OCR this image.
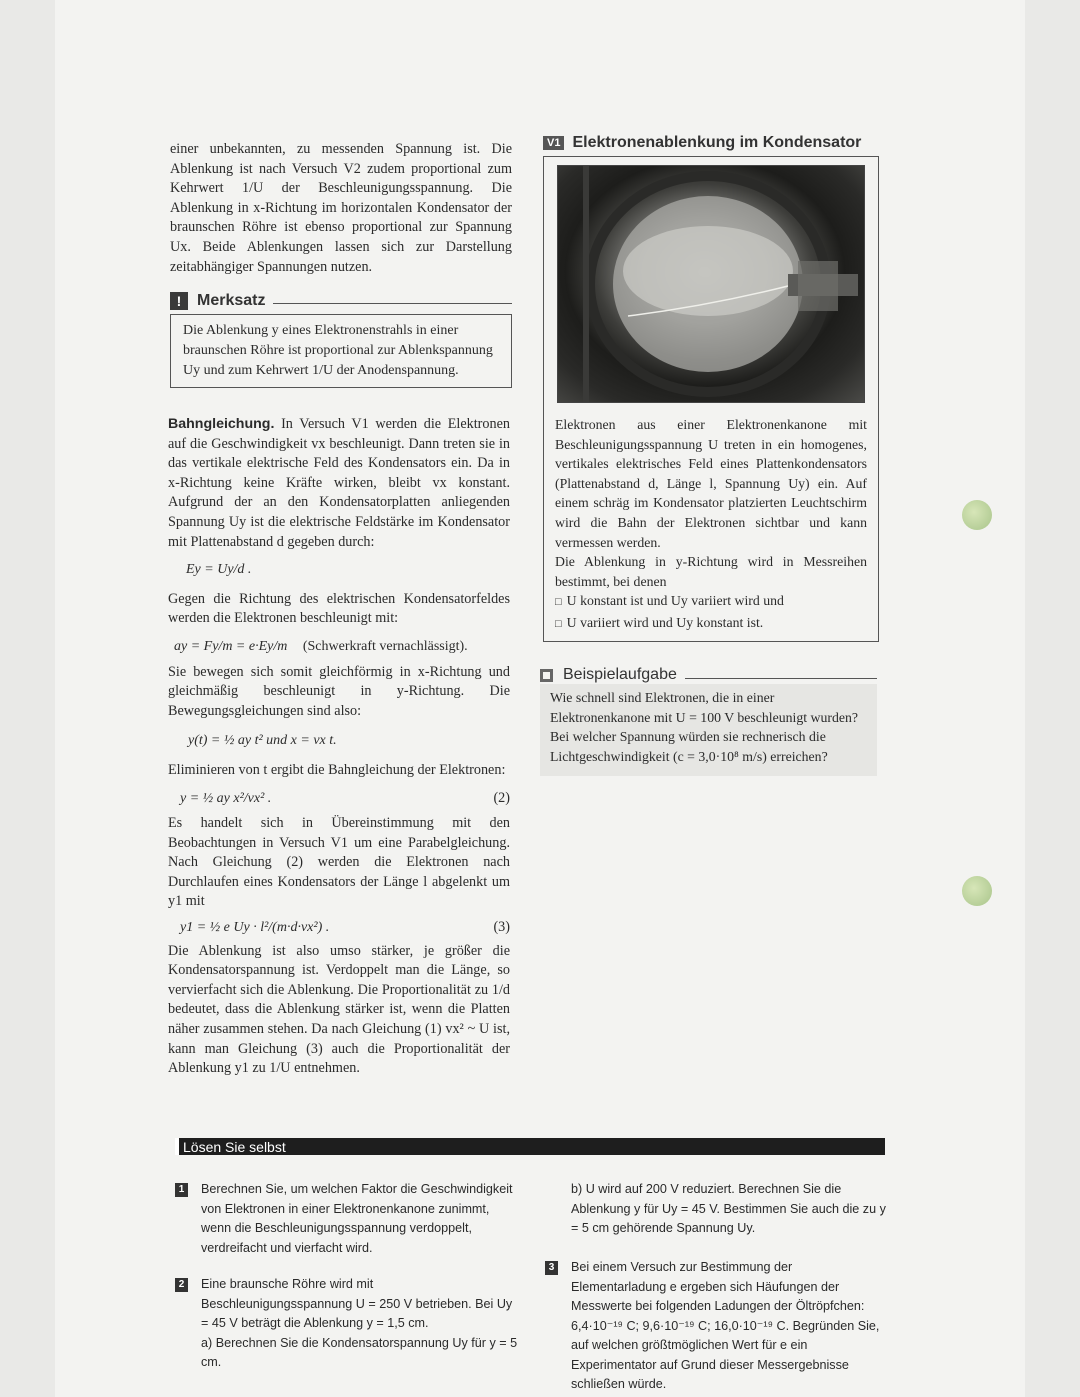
einer unbekannten, zu messenden Spannung ist. Die Ablenkung ist nach Versuch V2 zudem proportional zum Kehrwert 1/U der Beschleunigungsspannung. Die Ablenkung in x-Richtung im horizontalen Kondensator der braunschen Röhre ist ebenso proportional zur Spannung Ux. Beide Ablenkungen lassen sich zur Darstellung zeitabhängiger Spannungen nutzen.

! Merksatz

Die Ablenkung y eines Elektronenstrahls in einer braunschen Röhre ist proportional zur Ablenkspannung Uy und zum Kehrwert 1/U der Anodenspannung.

Bahngleichung. In Versuch V1 werden die Elektronen auf die Geschwindigkeit vx beschleunigt. Dann treten sie in das vertikale elektrische Feld des Kondensators ein. Da in x-Richtung keine Kräfte wirken, bleibt vx konstant. Aufgrund der an den Kondensatorplatten anliegenden Spannung Uy ist die elektrische Feldstärke im Kondensator mit Plattenabstand d gegeben durch:

Ey = Uy/d .

Gegen die Richtung des elektrischen Kondensatorfeldes werden die Elektronen beschleunigt mit:

ay = Fy/m = e·Ey/m (Schwerkraft vernachlässigt).

Sie bewegen sich somit gleichförmig in x-Richtung und gleichmäßig beschleunigt in y-Richtung. Die Bewegungsgleichungen sind also:

y(t) = ½ ay t² und x = vx t.

Eliminieren von t ergibt die Bahngleichung der Elektronen:

y = ½ ay x²/vx² .	(2)

Es handelt sich in Übereinstimmung mit den Beobachtungen in Versuch V1 um eine Parabelgleichung. Nach Gleichung (2) werden die Elektronen nach Durchlaufen eines Kondensators der Länge l abgelenkt um y1 mit

y1 = ½ e Uy · l²/(m·d·vx²) .	(3)

Die Ablenkung ist also umso stärker, je größer die Kondensatorspannung ist. Verdoppelt man die Länge, so vervierfacht sich die Ablenkung. Die Proportionalität zu 1/d bedeutet, dass die Ablenkung stärker ist, wenn die Platten näher zusammen stehen. Da nach Gleichung (1) vx² ~ U ist, kann man Gleichung (3) auch die Proportionalität der Ablenkung y1 zu 1/U entnehmen.

V1 Elektronenablenkung im Kondensator

Elektronen aus einer Elektronenkanone mit Beschleunigungsspannung U treten in ein homogenes, vertikales elektrisches Feld eines Plattenkondensators (Plattenabstand d, Länge l, Spannung Uy) ein. Auf einem schräg im Kondensator platzierten Leuchtschirm wird die Bahn der Elektronen sichtbar und kann vermessen werden.

Die Ablenkung in y-Richtung wird in Messreihen bestimmt, bei denen

□ U konstant ist und Uy variiert wird und
□ U variiert wird und Uy konstant ist.
Beispielaufgabe

Wie schnell sind Elektronen, die in einer Elektronenkanone mit U = 100 V beschleunigt wurden? Bei welcher Spannung würden sie rechnerisch die Lichtgeschwindigkeit (c = 3,0·10⁸ m/s) erreichen?

Lösen Sie selbst
1 Berechnen Sie, um welchen Faktor die Geschwindigkeit von Elektronen in einer Elektronenkanone zunimmt, wenn die Beschleunigungsspannung verdoppelt, verdreifacht und vierfacht wird.

2 Eine braunsche Röhre wird mit Beschleunigungsspannung U = 250 V betrieben. Bei Uy = 45 V beträgt die Ablenkung y = 1,5 cm.

a) Berechnen Sie die Kondensatorspannung Uy für y = 5 cm.

b) U wird auf 200 V reduziert. Berechnen Sie die Ablenkung y für Uy = 45 V. Bestimmen Sie auch die zu y = 5 cm gehörende Spannung Uy.

3 Bei einem Versuch zur Bestimmung der Elementarladung e ergeben sich Häufungen der Messwerte bei folgenden Ladungen der Öltröpfchen: 6,4·10⁻¹⁹ C; 9,6·10⁻¹⁹ C; 16,0·10⁻¹⁹ C. Begründen Sie, auf welchen größtmöglichen Wert für e ein Experimentator auf Grund dieser Messergebnisse schließen würde.
